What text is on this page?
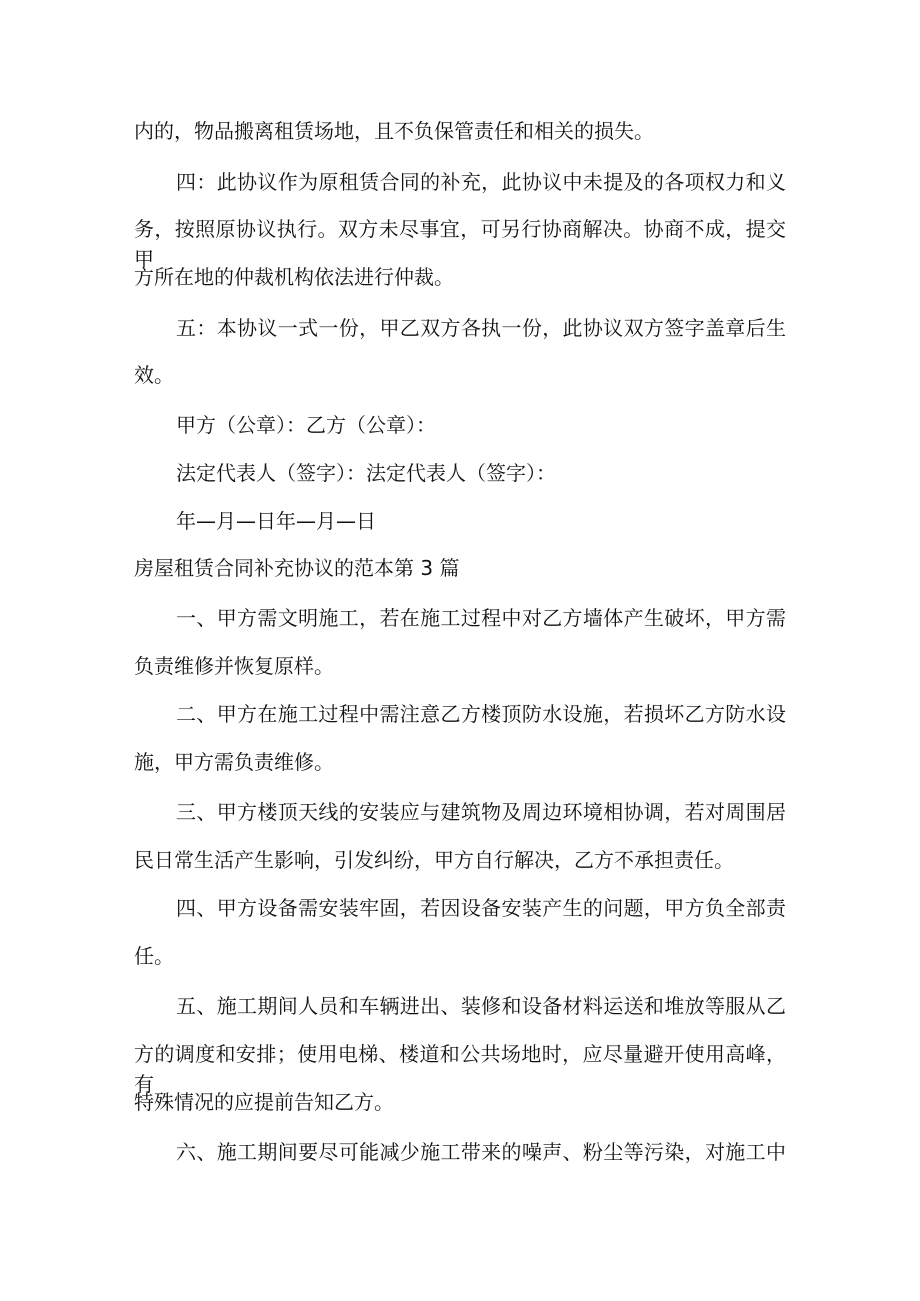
内的，物品搬离租赁场地，且不负保管责任和相关的损失。
四：此协议作为原租赁合同的补充，此协议中未提及的各项权力和义
务，按照原协议执行。双方未尽事宜，可另行协商解决。协商不成，提交甲
方所在地的仲裁机构依法进行仲裁。
五：本协议一式一份，甲乙双方各执一份，此协议双方签字盖章后生
效。
甲方（公章）：乙方（公章）：
法定代表人（签字）：法定代表人（签字）：
年—月—日年—月—日
房屋租赁合同补充协议的范本第 3 篇
一、甲方需文明施工，若在施工过程中对乙方墙体产生破坏，甲方需
负责维修并恢复原样。
二、甲方在施工过程中需注意乙方楼顶防水设施，若损坏乙方防水设
施，甲方需负责维修。
三、甲方楼顶天线的安装应与建筑物及周边环境相协调，若对周围居
民日常生活产生影响，引发纠纷，甲方自行解决，乙方不承担责任。
四、甲方设备需安装牢固，若因设备安装产生的问题，甲方负全部责
任。
五、施工期间人员和车辆进出、装修和设备材料运送和堆放等服从乙
方的调度和安排；使用电梯、楼道和公共场地时，应尽量避开使用高峰，有
特殊情况的应提前告知乙方。
六、施工期间要尽可能减少施工带来的噪声、粉尘等污染，对施工中
